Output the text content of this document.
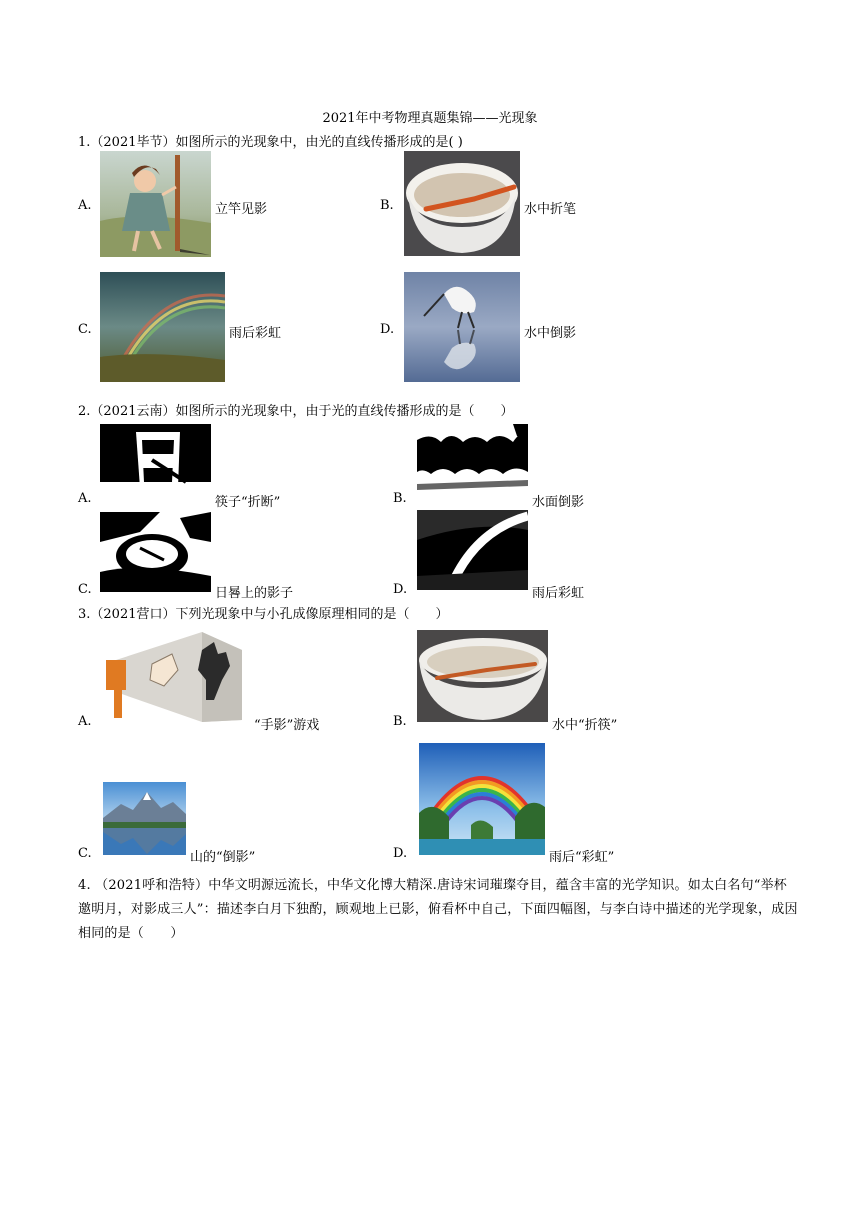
2021年中考物理真题集锦——光现象
1.（2021毕节）如图所示的光现象中，由光的直线传播形成的是( )
A.	立竿见影	B.	水中折笔
C.	雨后彩虹	D.	水中倒影
2.（2021云南）如图所示的光现象中，由于光的直线传播形成的是（　　）
A.	筷子“折断”	B.	水面倒影
C.	日晷上的影子	D.	雨后彩虹
3.（2021营口）下列光现象中与小孔成像原理相同的是（　　）
A.	“手影”游戏	B.	水中“折筷”
C.	山的“倒影”	D.	雨后“彩虹”
4. （2021呼和浩特）中华文明源远流长，中华文化博大精深.唐诗宋词璀璨夺目，蕴含丰富的光学知识。如太白名句“举杯邀明月，对影成三人”：描述李白月下独酌，顾观地上已影，俯看杯中自己，下面四幅图，与李白诗中描述的光学现象，成因相同的是（　　）
